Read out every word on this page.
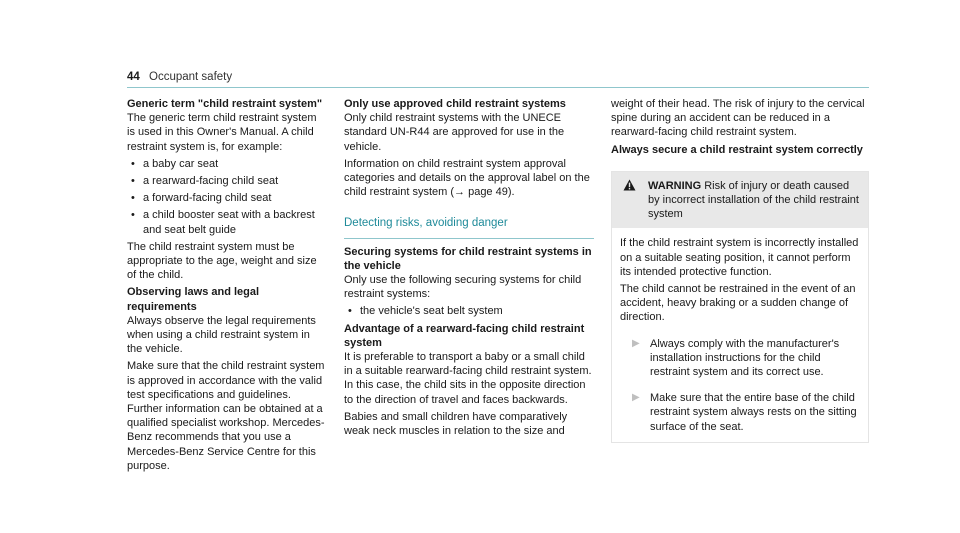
44 Occupant safety

Generic term "child restraint system"

The generic term child restraint system is used in this Owner's Manual. A child restraint system is, for example:

• a baby car seat
• a rearward-facing child seat
• a forward-facing child seat
• a child booster seat with a backrest and seat belt guide

The child restraint system must be appropriate to the age, weight and size of the child.

Observing laws and legal requirements

Always observe the legal requirements when using a child restraint system in the vehicle.

Make sure that the child restraint system is approved in accordance with the valid test specifications and guidelines. Further information can be obtained at a qualified specialist workshop. Mercedes-Benz recommends that you use a Mercedes-Benz Service Centre for this purpose.

Only use approved child restraint systems

Only child restraint systems with the UNECE standard UN-R44 are approved for use in the vehicle.

Information on child restraint system approval categories and details on the approval label on the child restraint system (→ page 49).

Detecting risks, avoiding danger

Securing systems for child restraint systems in the vehicle

Only use the following securing systems for child restraint systems:

• the vehicle's seat belt system

Advantage of a rearward-facing child restraint system

It is preferable to transport a baby or a small child in a suitable rearward-facing child restraint system. In this case, the child sits in the opposite direction to the direction of travel and faces backwards.

Babies and small children have comparatively weak neck muscles in relation to the size and

weight of their head. The risk of injury to the cervical spine during an accident can be reduced in a rearward-facing child restraint system.

Always secure a child restraint system correctly

WARNING Risk of injury or death caused by incorrect installation of the child restraint system

If the child restraint system is incorrectly installed on a suitable seating position, it cannot perform its intended protective function.

The child cannot be restrained in the event of an accident, heavy braking or a sudden change of direction.

▶ Always comply with the manufacturer's installation instructions for the child restraint system and its correct use.
▶ Make sure that the entire base of the child restraint system always rests on the sitting surface of the seat.
